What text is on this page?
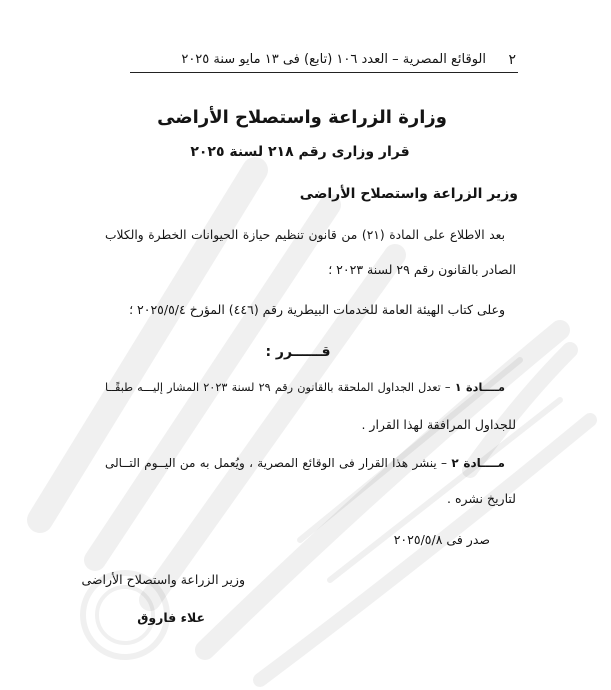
٢
الوقائع المصرية – العدد ١٠٦ (تابع) فى ١٣ مايو سنة ٢٠٢٥
وزارة الزراعة واستصلاح الأراضى
قرار وزارى رقم ٢١٨ لسنة ٢٠٢٥
وزير الزراعة واستصلاح الأراضى
بعد الاطلاع على المادة (٢١) من قانون تنظيم حيازة الحيوانات الخطرة والكلاب
الصادر بالقانون رقم ٢٩ لسنة ٢٠٢٣ ؛
وعلى كتاب الهيئة العامة للخدمات البيطرية رقم (٤٤٦) المؤرخ ٢٠٢٥/٥/٤ ؛
قــــــرر :
مــــادة ١ – تعدل الجداول الملحقة بالقانون رقم ٢٩ لسنة ٢٠٢٣ المشار إليـــه طبقًــا
للجداول المرافقة لهذا القرار .
مــــادة ٢ – ينشر هذا القرار فى الوقائع المصرية ، ويُعمل به من اليــوم التــالى
لتاريخ نشره .
صدر فى ٢٠٢٥/٥/٨
وزير الزراعة واستصلاح الأراضى
علاء فاروق
